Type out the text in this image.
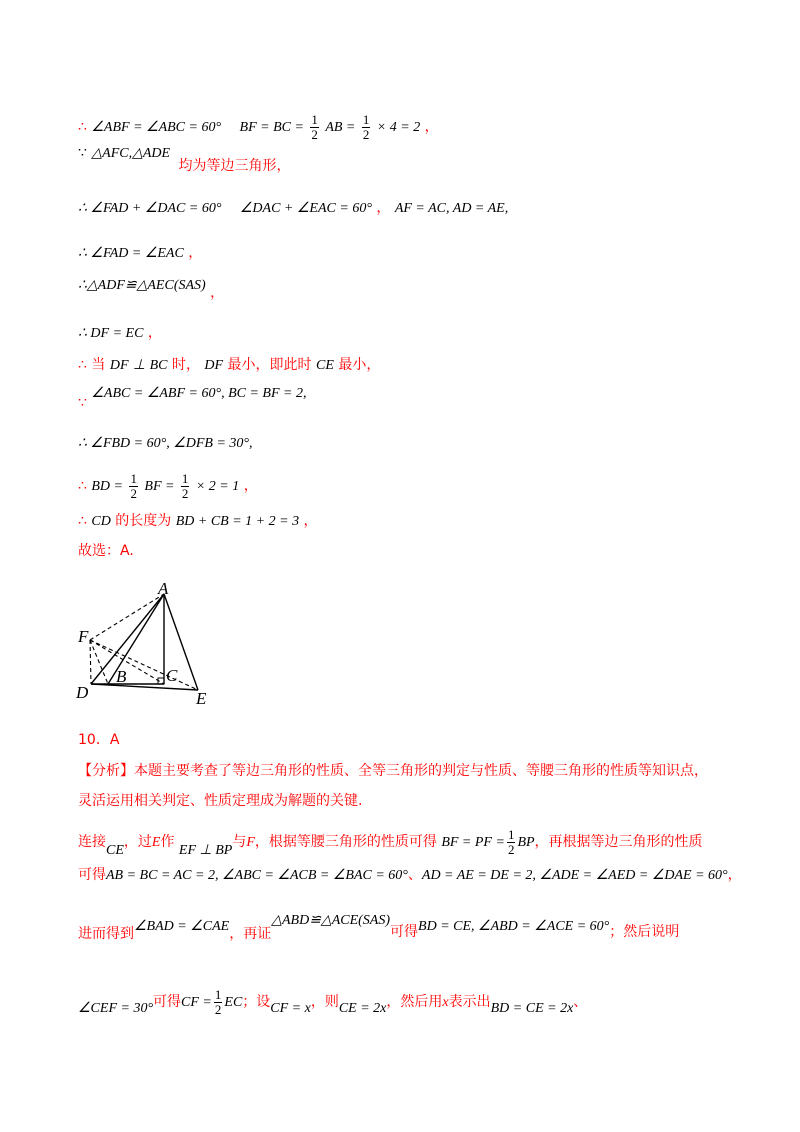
∴ ∠ABF = ∠ABC = 60° BF = BC = $\frac{1}{2}$ AB = $\frac{1}{2} \times 4 = 2$ ，
∵ △AFC,△ADE 均为等边三角形，
∴ ∠FAD + ∠DAC = 60° ∠DAC + ∠EAC = 60° ， AF = AC, AD = AE,
∴ ∠FAD = ∠EAC ，
∴△ADF≌△AEC(SAS) ，
∴ DF = EC ，
∴ 当 DF ⊥ BC 时， DF 最小，即此时 CE 最小，
∵ ∠ABC = ∠ABF = 60°, BC = BF = 2,
∴ ∠FBD = 60°, ∠DFB = 30°,
∴ BD = $\frac{1}{2}$ BF = $\frac{1}{2} \times 2 = 1$ ，
∴ CD 的长度为 BD + CB = 1 + 2 = 3 ，
故选：A.
A
F
B C
D	E
10．A
【分析】本题主要考查了等边三角形的性质、全等三角形的判定与性质、等腰三角形的性质等知识点，
灵活运用相关判定、性质定理成为解题的关键.
连接CE，过E作 EF ⊥ BP与F，根据等腰三角形的性质可得 BF = PF = $\frac{1}{2}$ BP，再根据等边三角形的性质
可得AB = BC = AC = 2, ∠ABC = ∠ACB = ∠BAC = 60°、AD = AE = DE = 2, ∠ADE = ∠AED = ∠DAE = 60°，
进而得到∠BAD = ∠CAE，再证△ABD≌△ACE(SAS)可得BD = CE, ∠ABD = ∠ACE = 60°；然后说明
∠CEF = 30°可得CF = $\frac{1}{2}$ EC；设CF = x，则CE = 2x，然后用x表示出BD = CE = 2x、
